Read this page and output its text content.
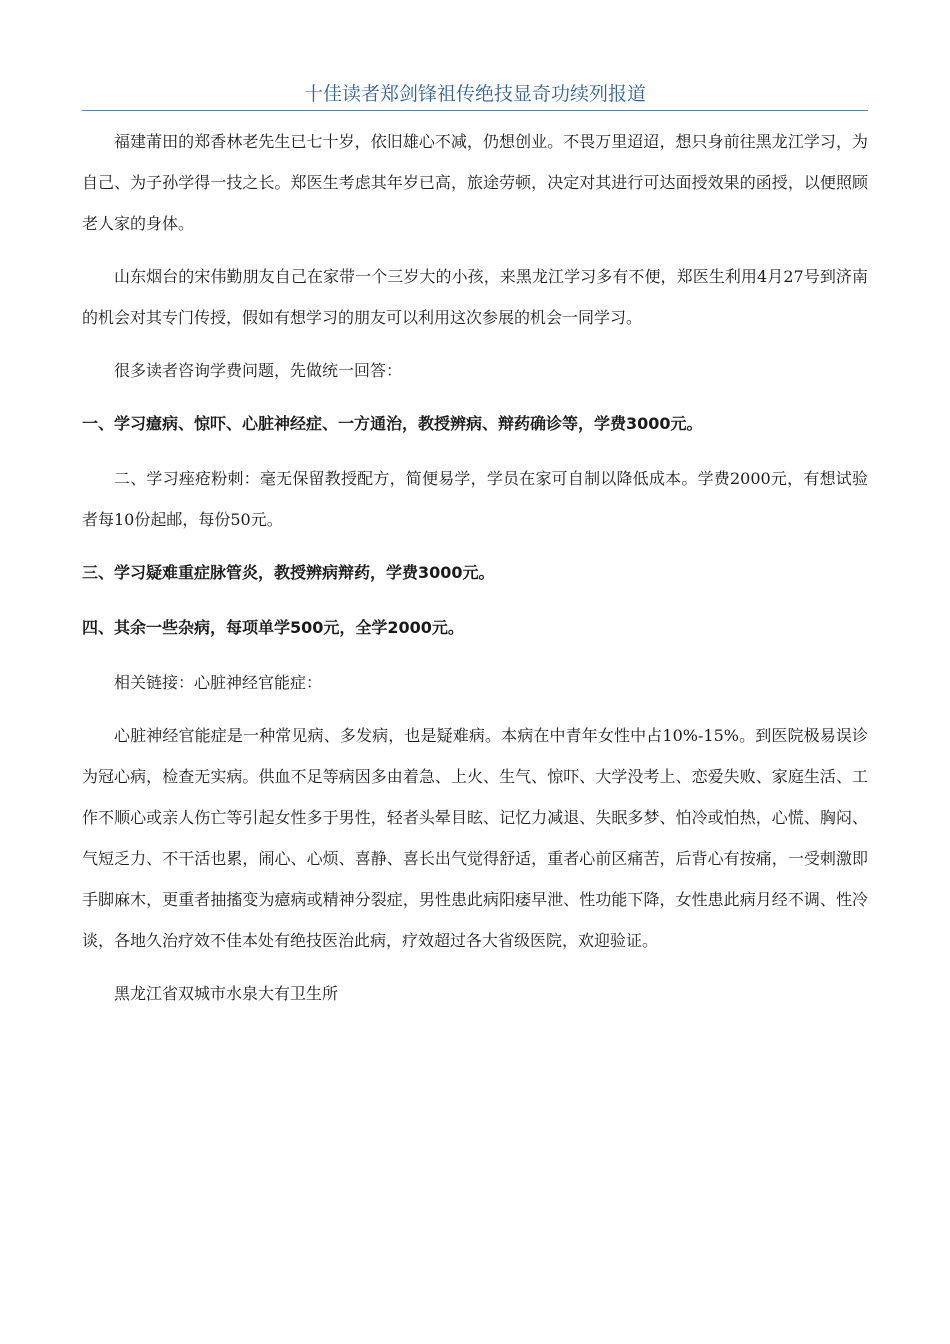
十佳读者郑剑锋祖传绝技显奇功续列报道

福建莆田的郑香林老先生已七十岁，依旧雄心不减，仍想创业。不畏万里迢迢，想只身前往黑龙江学习，为自己、为子孙学得一技之长。郑医生考虑其年岁已高，旅途劳顿，决定对其进行可达面授效果的函授，以便照顾老人家的身体。

山东烟台的宋伟勤朋友自己在家带一个三岁大的小孩，来黑龙江学习多有不便，郑医生利用4月27号到济南的机会对其专门传授，假如有想学习的朋友可以利用这次参展的机会一同学习。

很多读者咨询学费问题，先做统一回答：

一、学习癔病、惊吓、心脏神经症、一方通治，教授辨病、辩药确诊等，学费3000元。

二、学习痤疮粉刺：毫无保留教授配方，简便易学，学员在家可自制以降低成本。学费2000元，有想试验者每10份起邮，每份50元。

三、学习疑难重症脉管炎，教授辨病辩药，学费3000元。

四、其余一些杂病，每项单学500元，全学2000元。

相关链接：心脏神经官能症：

心脏神经官能症是一种常见病、多发病，也是疑难病。本病在中青年女性中占10%-15%。到医院极易误诊为冠心病，检查无实病。供血不足等病因多由着急、上火、生气、惊吓、大学没考上、恋爱失败、家庭生活、工作不顺心或亲人伤亡等引起女性多于男性，轻者头晕目眩、记忆力减退、失眠多梦、怕冷或怕热，心慌、胸闷、气短乏力、不干活也累，闹心、心烦、喜静、喜长出气觉得舒适，重者心前区痛苦，后背心有按痛，一受刺激即手脚麻木，更重者抽搐变为癔病或精神分裂症，男性患此病阳痿早泄、性功能下降，女性患此病月经不调、性冷谈，各地久治疗效不佳本处有绝技医治此病，疗效超过各大省级医院，欢迎验证。

黑龙江省双城市水泉大有卫生所
